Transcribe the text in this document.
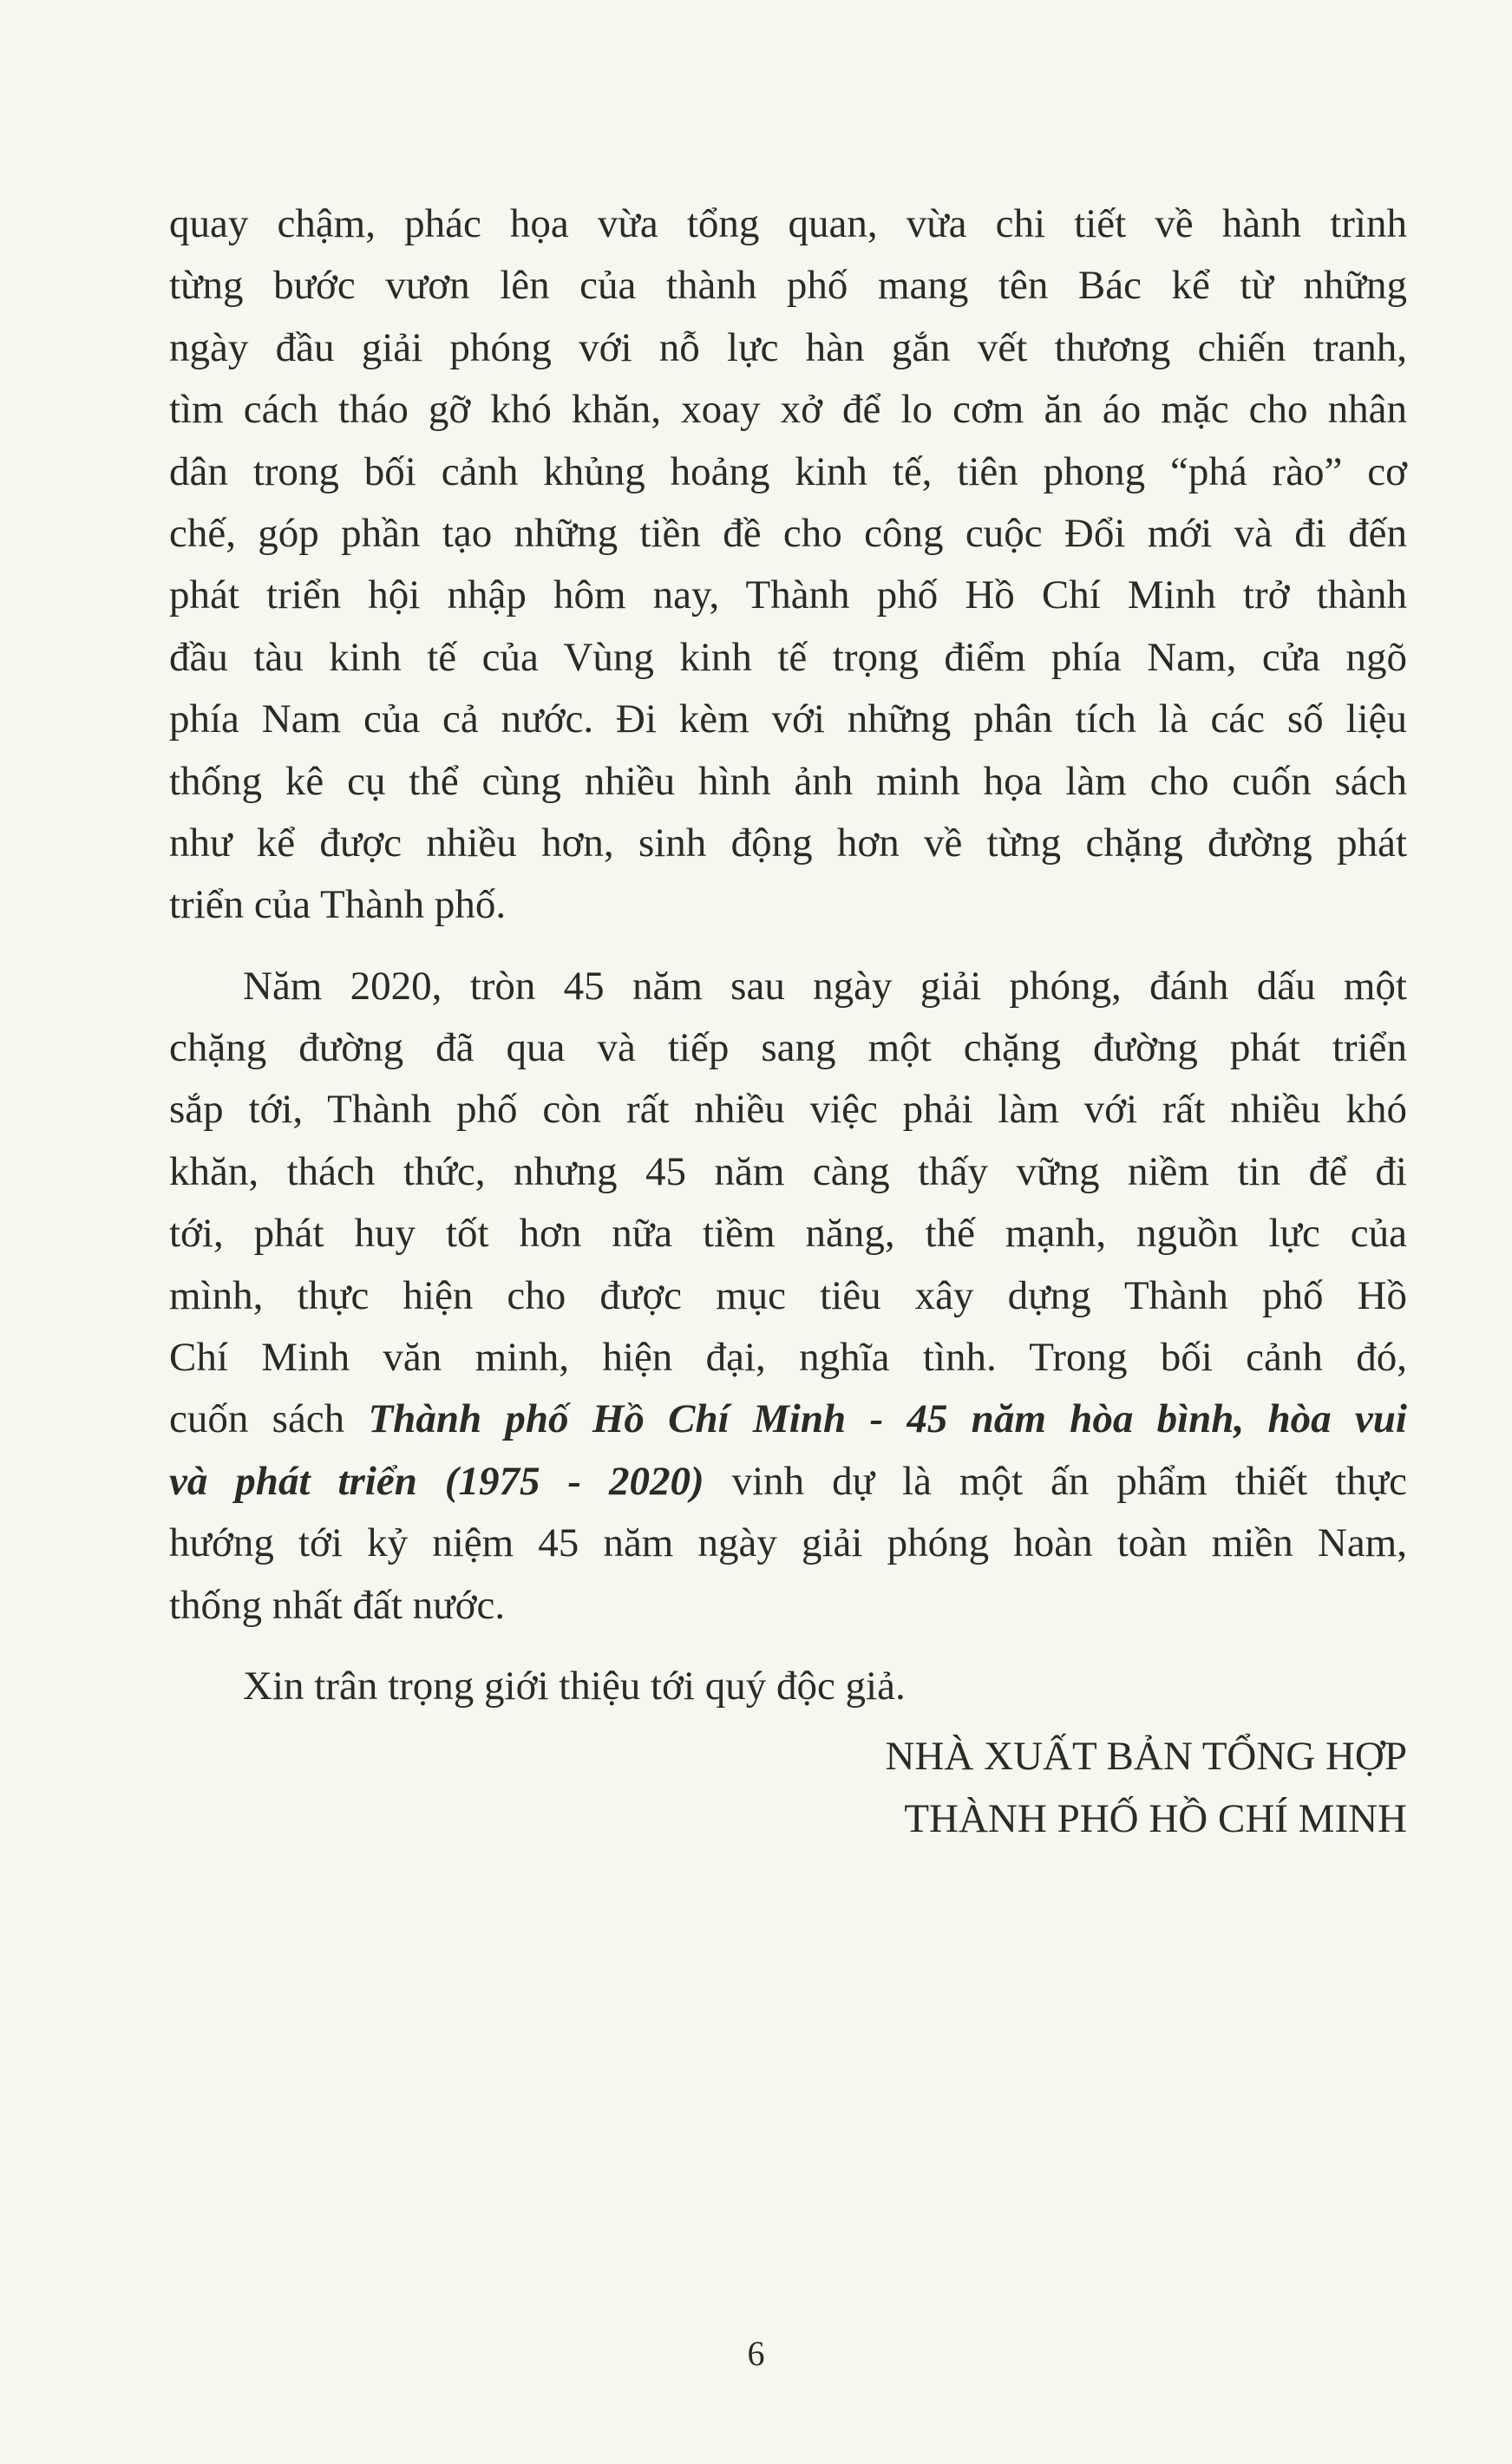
quay chậm, phác họa vừa tổng quan, vừa chi tiết về hành trình
từng bước vươn lên của thành phố mang tên Bác kể từ những
ngày đầu giải phóng với nỗ lực hàn gắn vết thương chiến tranh,
tìm cách tháo gỡ khó khăn, xoay xở để lo cơm ăn áo mặc cho nhân
dân trong bối cảnh khủng hoảng kinh tế, tiên phong “phá rào” cơ
chế, góp phần tạo những tiền đề cho công cuộc Đổi mới và đi đến
phát triển hội nhập hôm nay, Thành phố Hồ Chí Minh trở thành
đầu tàu kinh tế của Vùng kinh tế trọng điểm phía Nam, cửa ngõ
phía Nam của cả nước. Đi kèm với những phân tích là các số liệu
thống kê cụ thể cùng nhiều hình ảnh minh họa làm cho cuốn sách
như kể được nhiều hơn, sinh động hơn về từng chặng đường phát
triển của Thành phố.
Năm 2020, tròn 45 năm sau ngày giải phóng, đánh dấu một
chặng đường đã qua và tiếp sang một chặng đường phát triển
sắp tới, Thành phố còn rất nhiều việc phải làm với rất nhiều khó
khăn, thách thức, nhưng 45 năm càng thấy vững niềm tin để đi
tới, phát huy tốt hơn nữa tiềm năng, thế mạnh, nguồn lực của
mình, thực hiện cho được mục tiêu xây dựng Thành phố Hồ
Chí Minh văn minh, hiện đại, nghĩa tình. Trong bối cảnh đó,
cuốn sách Thành phố Hồ Chí Minh - 45 năm hòa bình, hòa vui
và phát triển (1975 - 2020) vinh dự là một ấn phẩm thiết thực
hướng tới kỷ niệm 45 năm ngày giải phóng hoàn toàn miền Nam,
thống nhất đất nước.
Xin trân trọng giới thiệu tới quý độc giả.
NHÀ XUẤT BẢN TỔNG HỢP
THÀNH PHỐ HỒ CHÍ MINH
6
